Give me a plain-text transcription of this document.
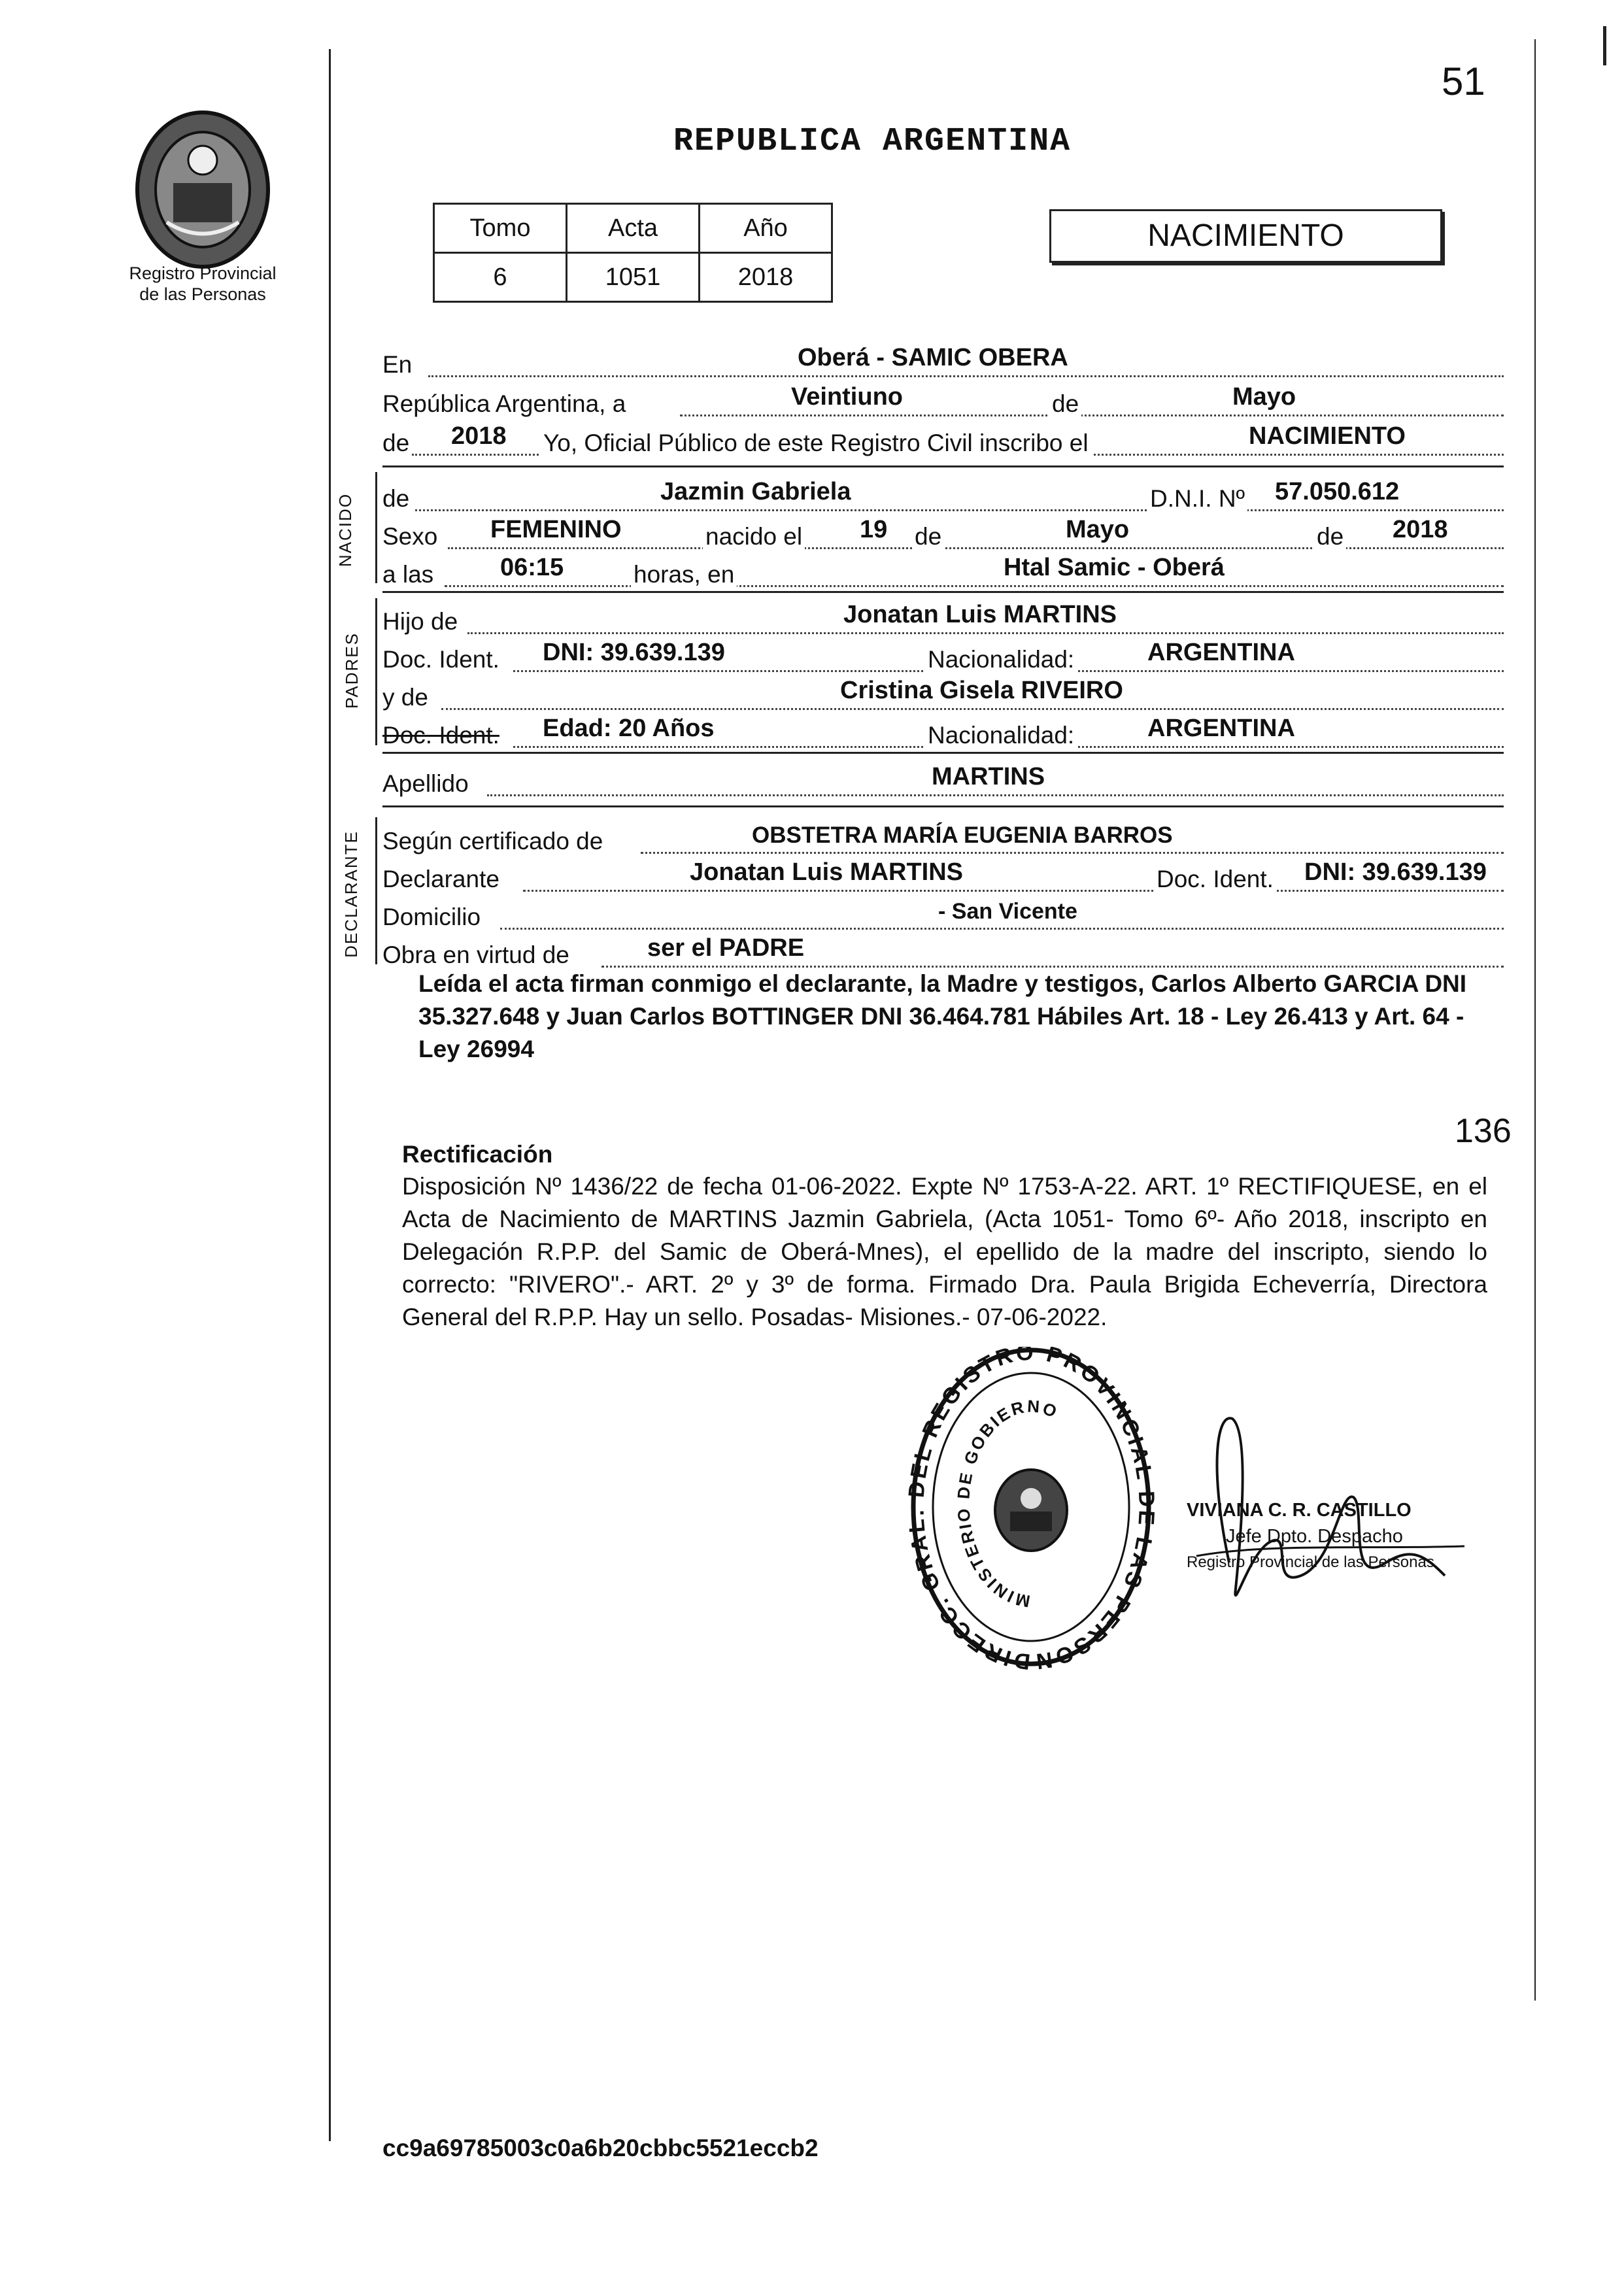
Registro Provincial
de las Personas
51
REPUBLICA ARGENTINA
Tomo	Acta	Año
6	1051	2018
NACIMIENTO
En	Oberá - SAMIC OBERA
República Argentina, a	Veintiuno	de	Mayo
de 2018 Yo, Oficial Público de este Registro Civil inscribo el	NACIMIENTO
NACIDO de	Jazmin Gabriela	D.N.I. Nº 57.050.612
Sexo FEMENINO	nacido el 19 de	Mayo	de 2018
a las	06:15	horas, en	Htal Samic - Oberá
PADRES
Hijo de	Jonatan Luis MARTINS
Doc. Ident. DNI: 39.639.139	Nacionalidad:	ARGENTINA
y de	Cristina Gisela RIVEIRO
Doc. Ident. Edad: 20 Años	Nacionalidad:	ARGENTINA
Apellido	MARTINS
DECLARANTE Según certificado de	OBSTETRA MARÍA EUGENIA BARROS
Declarante	Jonatan Luis MARTINS	Doc. Ident. DNI: 39.639.139
Domicilio	- San Vicente
Obra en virtud de	ser el PADRE
Leída el acta firman conmigo el declarante, la Madre y testigos, Carlos Alberto GARCIA DNI 35.327.648 y Juan Carlos BOTTINGER DNI 36.464.781 Hábiles Art. 18 - Ley 26.413 y Art. 64 - Ley 26994
136
Rectificación
Disposición Nº 1436/22 de fecha 01-06-2022. Expte Nº 1753-A-22. ART. 1º RECTIFIQUESE, en el Acta de Nacimiento de MARTINS Jazmin Gabriela, (Acta 1051- Tomo 6º- Año 2018, inscripto en Delegación R.P.P. del Samic de Oberá-Mnes), el epellido de la madre del inscripto, siendo lo correcto: "RIVERO".- ART. 2º y 3º de forma. Firmado Dra. Paula Brigida Echeverría, Directora General del R.P.P. Hay un sello. Posadas- Misiones.- 07-06-2022.
DIRECC. GRAL. DEL REGISTRO PROVINCIAL DE LAS PERSON
MINISTERIO DE GOBIERNO
VIVIANA C. R. CASTILLO
Jefe Dpto. Despacho
Registro Provincial de las Personas
cc9a69785003c0a6b20cbbc5521eccb2
